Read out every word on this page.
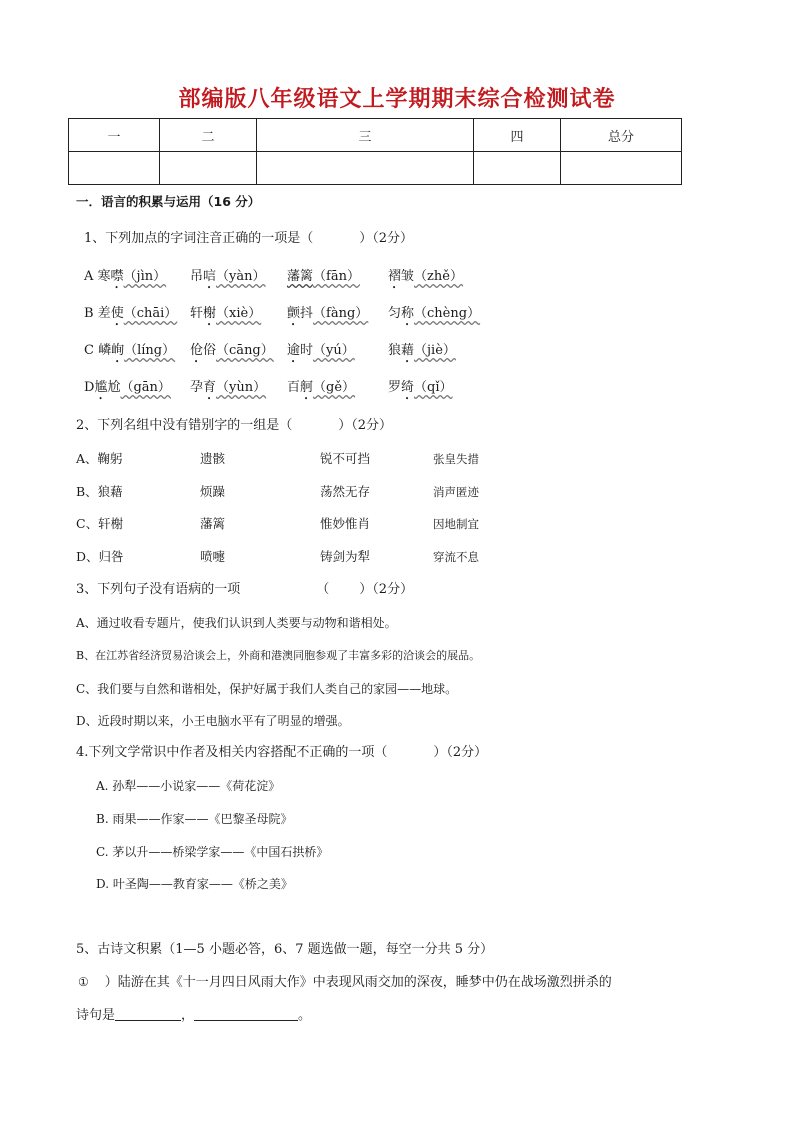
部编版八年级语文上学期期末综合检测试卷
一	二	三	四	总分

一．语言的积累与运用（16 分）
1、下列加点的字词注音正确的一项是（	）（2分）
A 寒噤（jìn） 吊唁（yàn） 藩篱（fān） 褶皱（zhě）
B 差使（chāi） 轩榭（xiè） 颤抖（fàng） 匀称（chèng）
C 嶙峋（líng） 伧俗（cāng） 逾时（yú）	狼藉（jiè）
D尴尬（gān） 孕育（yùn） 百舸（gě）	罗绮（qǐ）
2、下列名组中没有错别字的一组是（	）（2分）
A、鞠躬	遗骸	锐不可挡	张皇失措
B、狼藉	烦躁	荡然无存	消声匿迹
C、轩榭	藩篱	惟妙惟肖	因地制宜
D、归咎	喷嚏	铸剑为犁	穿流不息
3、下列句子没有语病的一项	（ ）（2分）
A、通过收看专题片，使我们认识到人类要与动物和谐相处。
B、在江苏省经济贸易洽谈会上，外商和港澳同胞参观了丰富多彩的洽谈会的展品。
C、我们要与自然和谐相处，保护好属于我们人类自己的家园——地球。
D、近段时期以来，小王电脑水平有了明显的增强。
4.下列文学常识中作者及相关内容搭配不正确的一项（	）（2分）
A. 孙犁——小说家——《荷花淀》
B. 雨果——作家——《巴黎圣母院》
C. 茅以升——桥梁学家——《中国石拱桥》
D. 叶圣陶——教育家——《桥之美》
5、古诗文积累（1—5 小题必答，6、7 题选做一题，每空一分共 5 分）
① ）陆游在其《十一月四日风雨大作》中表现风雨交加的深夜，睡梦中仍在战场激烈拼杀的
诗句是	，	。
